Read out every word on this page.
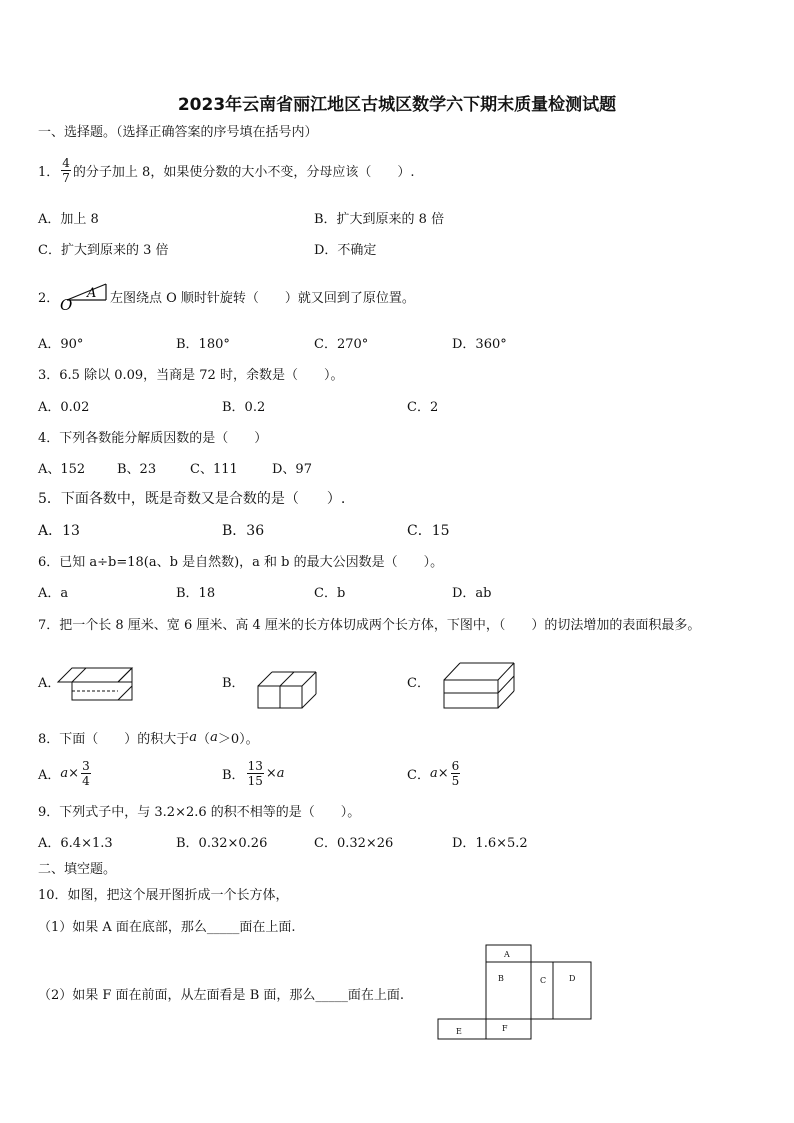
2023年云南省丽江地区古城区数学六下期末质量检测试题
一、选择题。（选择正确答案的序号填在括号内）
1． $\frac{4}{7}$ 的分子加上 8，如果使分数的大小不变，分母应该（　　）.
A．加上 8	B．扩大到原来的 8 倍
C．扩大到原来的 3 倍	D．不确定
2． O
A 左图绕点 O 顺时针旋转（　　）就又回到了原位置。
A．90°	B．180°	C．270°	D．360°
3．6.5 除以 0.09，当商是 72 时，余数是（　　）。
A．0.02	B．0.2	C．2
4．下列各数能分解质因数的是（　　）
A、152 B、23	C、111	D、97
5．下面各数中，既是奇数又是合数的是（　　）.
A．13	B．36	C．15
6．已知 a÷b=18(a、b 是自然数)，a 和 b 的最大公因数是（　　）。
A．a	B．18	C．b	D．ab
7．把一个长 8 厘米、宽 6 厘米、高 4 厘米的长方体切成两个长方体，下图中，（　　）的切法增加的表面积最多。
A．	B．	C．
8．下面（　　）的积大于 a （ a ＞0）。
A． $a \times \frac{3}{4}$	B． $\frac{13}{15} \times a$	C． $a \times \frac{6}{5}$
9．下列式子中，与 3.2×2.6 的积不相等的是（　　）。
A．6.4×1.3	B．0.32×0.26	C．0.32×26	D．1.6×5.2
二、填空题。
10．如图，把这个展开图折成一个长方体，
（1）如果 A 面在底部，那么_____面在上面.
（2）如果 F 面在前面，从左面看是 B 面，那么_____面在上面.
A
B	C	D
E	F
